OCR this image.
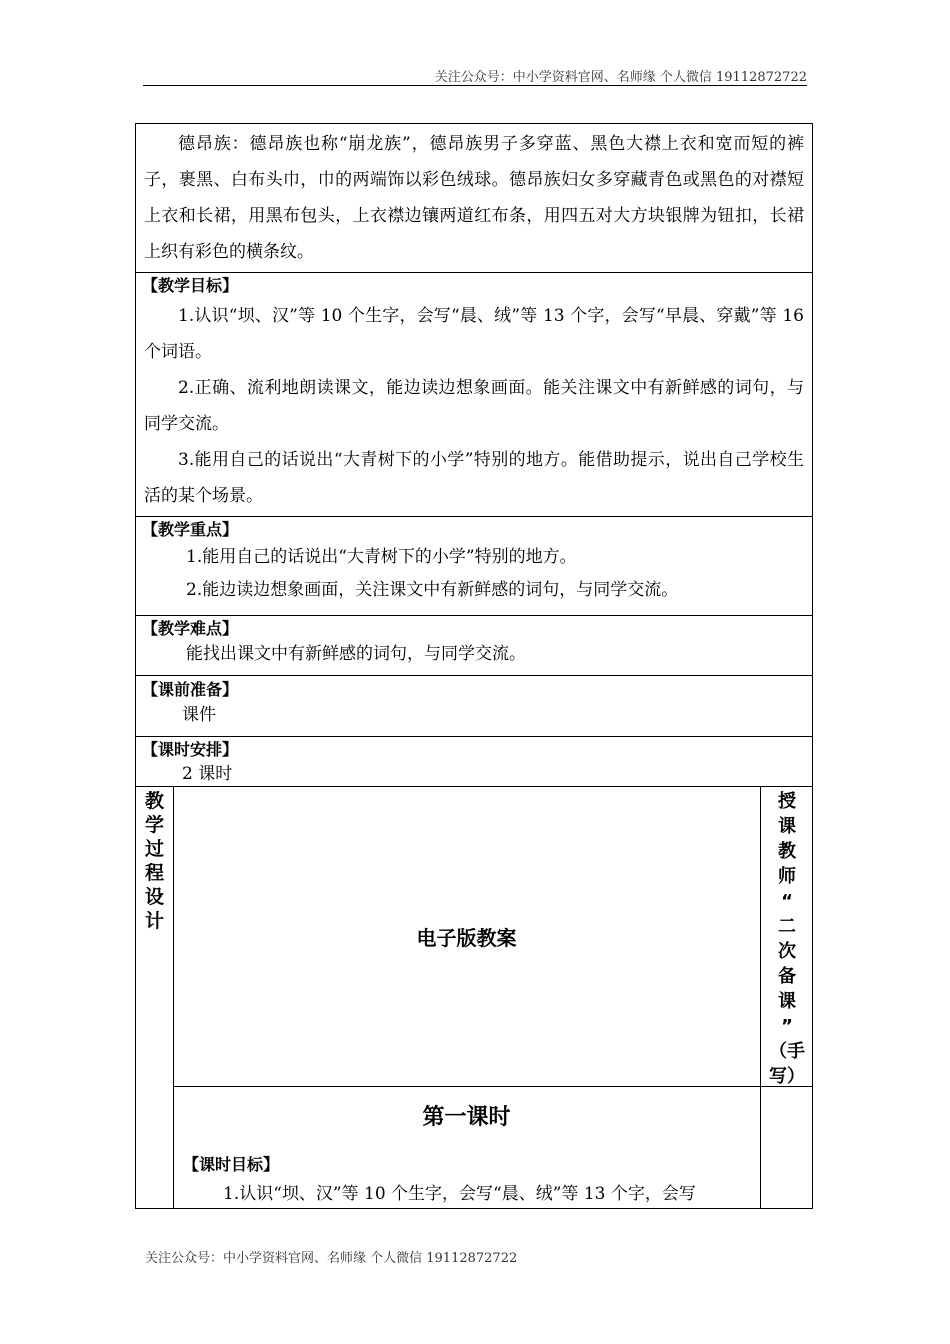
关注公众号：中小学资料官网、名师缘 个人微信 19112872722

德昂族：德昂族也称“崩龙族”，德昂族男子多穿蓝、黑色大襟上衣和宽而短的裤子，裹黑、白布头巾，巾的两端饰以彩色绒球。德昂族妇女多穿藏青色或黑色的对襟短上衣和长裙，用黑布包头，上衣襟边镶两道红布条，用四五对大方块银牌为钮扣，长裙上织有彩色的横条纹。

【教学目标】

1.认识“坝、汉”等 10 个生字，会写“晨、绒”等 13 个字，会写“早晨、穿戴”等 16 个词语。

2.正确、流利地朗读课文，能边读边想象画面。能关注课文中有新鲜感的词句，与同学交流。

3.能用自己的话说出“大青树下的小学”特别的地方。能借助提示，说出自己学校生活的某个场景。

【教学重点】

1.能用自己的话说出“大青树下的小学”特别的地方。

2.能边读边想象画面，关注课文中有新鲜感的词句，与同学交流。

【教学难点】

能找出课文中有新鲜感的词句，与同学交流。

【课前准备】

课件

【课时安排】

2 课时

教
学
过
程
设
计
电子版教案
授
课
教
师
“
二
次
备
课
”
（手
写）
第一课时

【课时目标】

1.认识“坝、汉”等 10 个生字，会写“晨、绒”等 13 个字，会写

关注公众号：中小学资料官网、名师缘 个人微信 19112872722
